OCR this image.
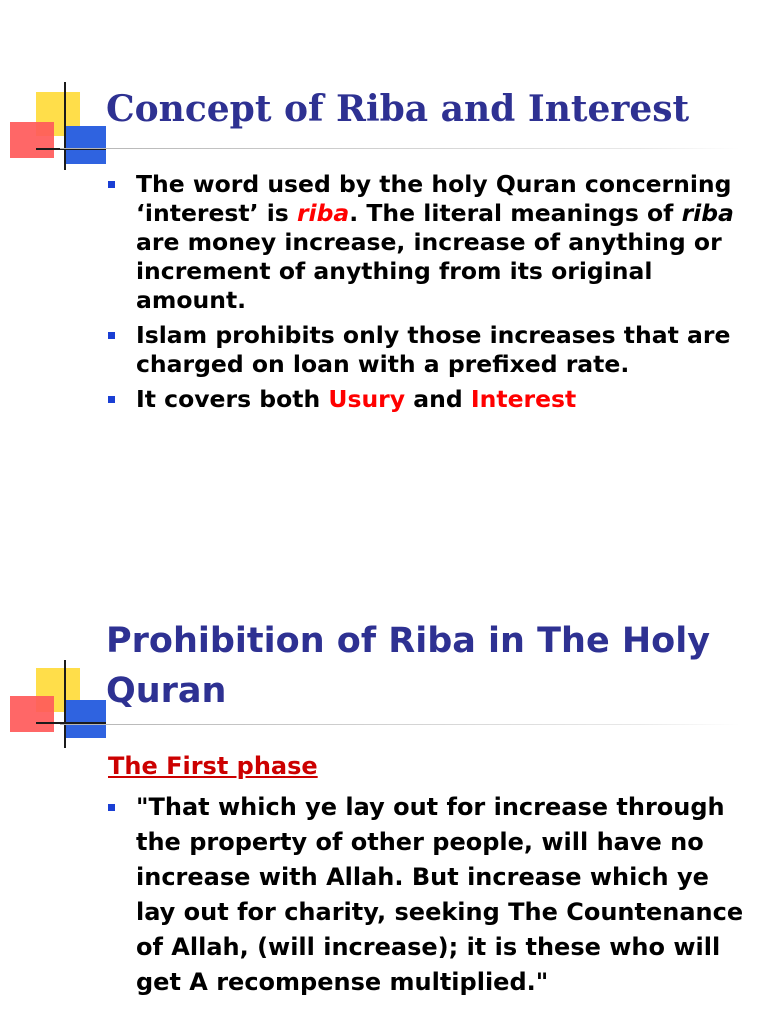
Concept of Riba and Interest
The word used by the holy Quran concerning ‘interest’ is riba. The literal meanings of riba are money increase, increase of anything or increment of anything from its original amount.
Islam prohibits only those increases that are charged on loan with a prefixed rate.
It covers both Usury and Interest
Prohibition of Riba in The Holy Quran
The First phase
"That which ye lay out for increase through the property of other people, will have no increase with Allah. But increase which ye lay out for charity, seeking The Countenance of Allah, (will increase); it is these who will get A recompense multiplied."
